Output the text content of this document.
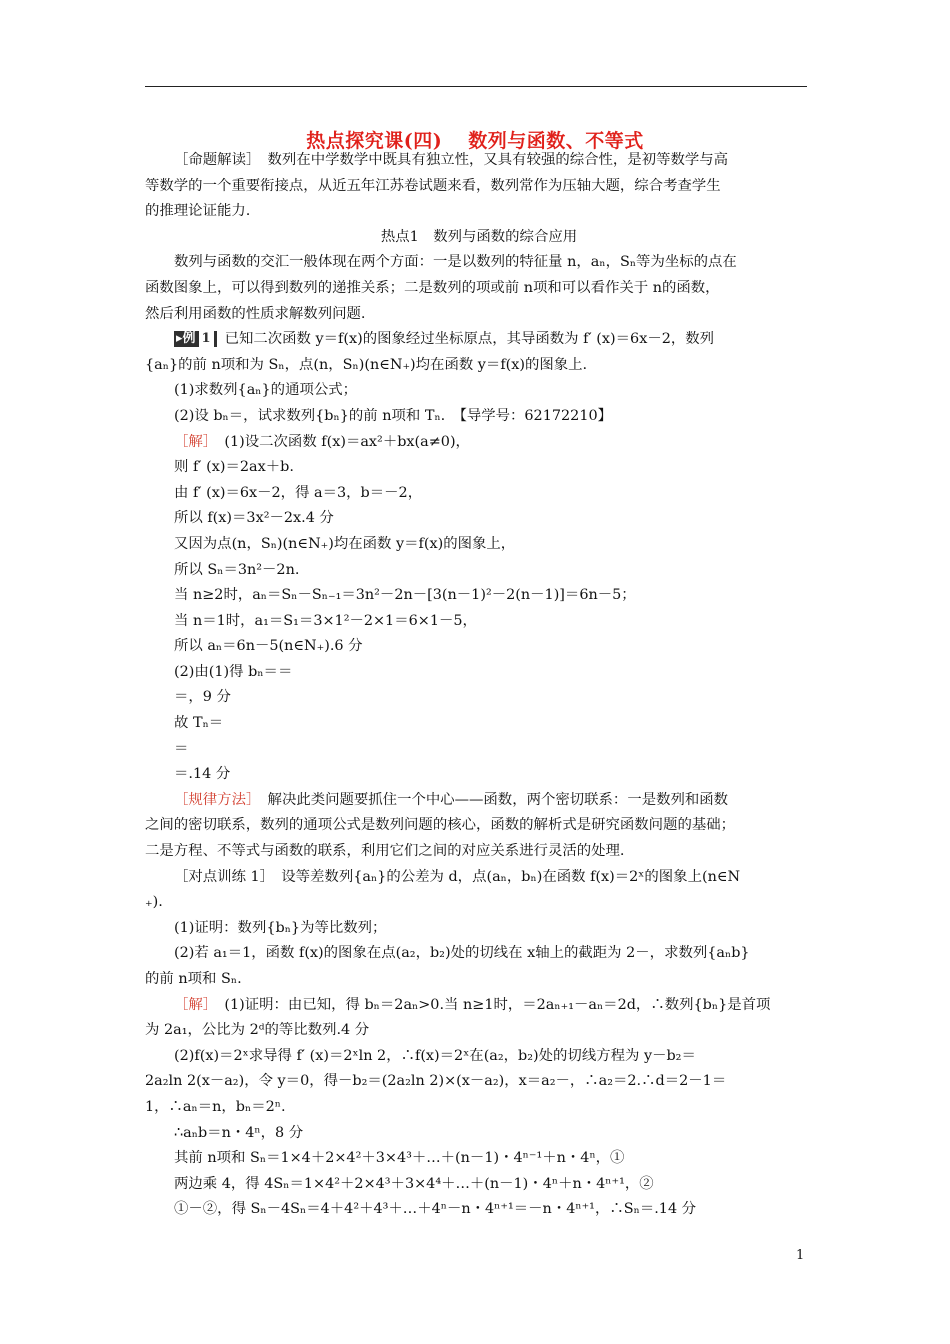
热点探究课(四) 数列与函数、不等式
［命题解读］　数列在中学数学中既具有独立性，又具有较强的综合性，是初等数学与高
等数学的一个重要衔接点，从近五年江苏卷试题来看，数列常作为压轴大题，综合考查学生
的推理论证能力.
热点1　数列与函数的综合应用
数列与函数的交汇一般体现在两个方面：一是以数列的特征量 n，aₙ，Sₙ等为坐标的点在
函数图象上，可以得到数列的递推关系；二是数列的项或前 n项和可以看作关于 n的函数，
然后利用函数的性质求解数列问题.
▸例 1 已知二次函数 y＝f(x)的图象经过坐标原点，其导函数为 f′ (x)＝6x－2，数列
{aₙ}的前 n项和为 Sₙ，点(n，Sₙ)(n∈N₊)均在函数 y＝f(x)的图象上.
(1)求数列{aₙ}的通项公式；
(2)设 bₙ＝，试求数列{bₙ}的前 n项和 Tₙ.　【导学号：62172210】
［解］　(1)设二次函数 f(x)＝ax²＋bx(a≠0)，
则 f′ (x)＝2ax＋b.
由 f′ (x)＝6x－2，得 a＝3，b＝－2，
所以 f(x)＝3x²－2x.4 分
又因为点(n，Sₙ)(n∈N₊)均在函数 y＝f(x)的图象上，
所以 Sₙ＝3n²－2n.
当 n≥2时，aₙ＝Sₙ－Sₙ₋₁＝3n²－2n－[3(n－1)²－2(n－1)]＝6n－5；
当 n＝1时，a₁＝S₁＝3×1²－2×1＝6×1－5，
所以 aₙ＝6n－5(n∈N₊).6 分
(2)由(1)得 bₙ＝＝
＝，9 分
故 Tₙ＝
＝
＝.14 分
［规律方法］　解决此类问题要抓住一个中心——函数，两个密切联系：一是数列和函数
之间的密切联系，数列的通项公式是数列问题的核心，函数的解析式是研究函数问题的基础；
二是方程、不等式与函数的联系，利用它们之间的对应关系进行灵活的处理.
［对点训练 1］　设等差数列{aₙ}的公差为 d，点(aₙ，bₙ)在函数 f(x)＝2ˣ的图象上(n∈N
₊).
(1)证明：数列{bₙ}为等比数列；
(2)若 a₁＝1，函数 f(x)的图象在点(a₂，b₂)处的切线在 x轴上的截距为 2－，求数列{aₙb}
的前 n项和 Sₙ.
［解］　(1)证明：由已知，得 bₙ＝2aₙ>0.当 n≥1时，＝2aₙ₊₁－aₙ＝2d，∴数列{bₙ}是首项
为 2a₁，公比为 2ᵈ的等比数列.4 分
(2)f(x)＝2ˣ求导得 f′ (x)＝2ˣln 2，∴f(x)＝2ˣ在(a₂，b₂)处的切线方程为 y－b₂＝
2a₂ln 2(x－a₂)，令 y＝0，得－b₂＝(2a₂ln 2)×(x－a₂)，x＝a₂－，∴a₂＝2.∴d＝2－1＝
1，∴aₙ＝n，bₙ＝2ⁿ.
∴aₙb＝n・4ⁿ，8 分
其前 n项和 Sₙ＝1×4＋2×4²＋3×4³＋…＋(n－1)・4ⁿ⁻¹＋n・4ⁿ，①
两边乘 4，得 4Sₙ＝1×4²＋2×4³＋3×4⁴＋…＋(n－1)・4ⁿ＋n・4ⁿ⁺¹，②
①－②，得 Sₙ－4Sₙ＝4＋4²＋4³＋…＋4ⁿ－n・4ⁿ⁺¹＝－n・4ⁿ⁺¹，∴Sₙ＝.14 分
1
